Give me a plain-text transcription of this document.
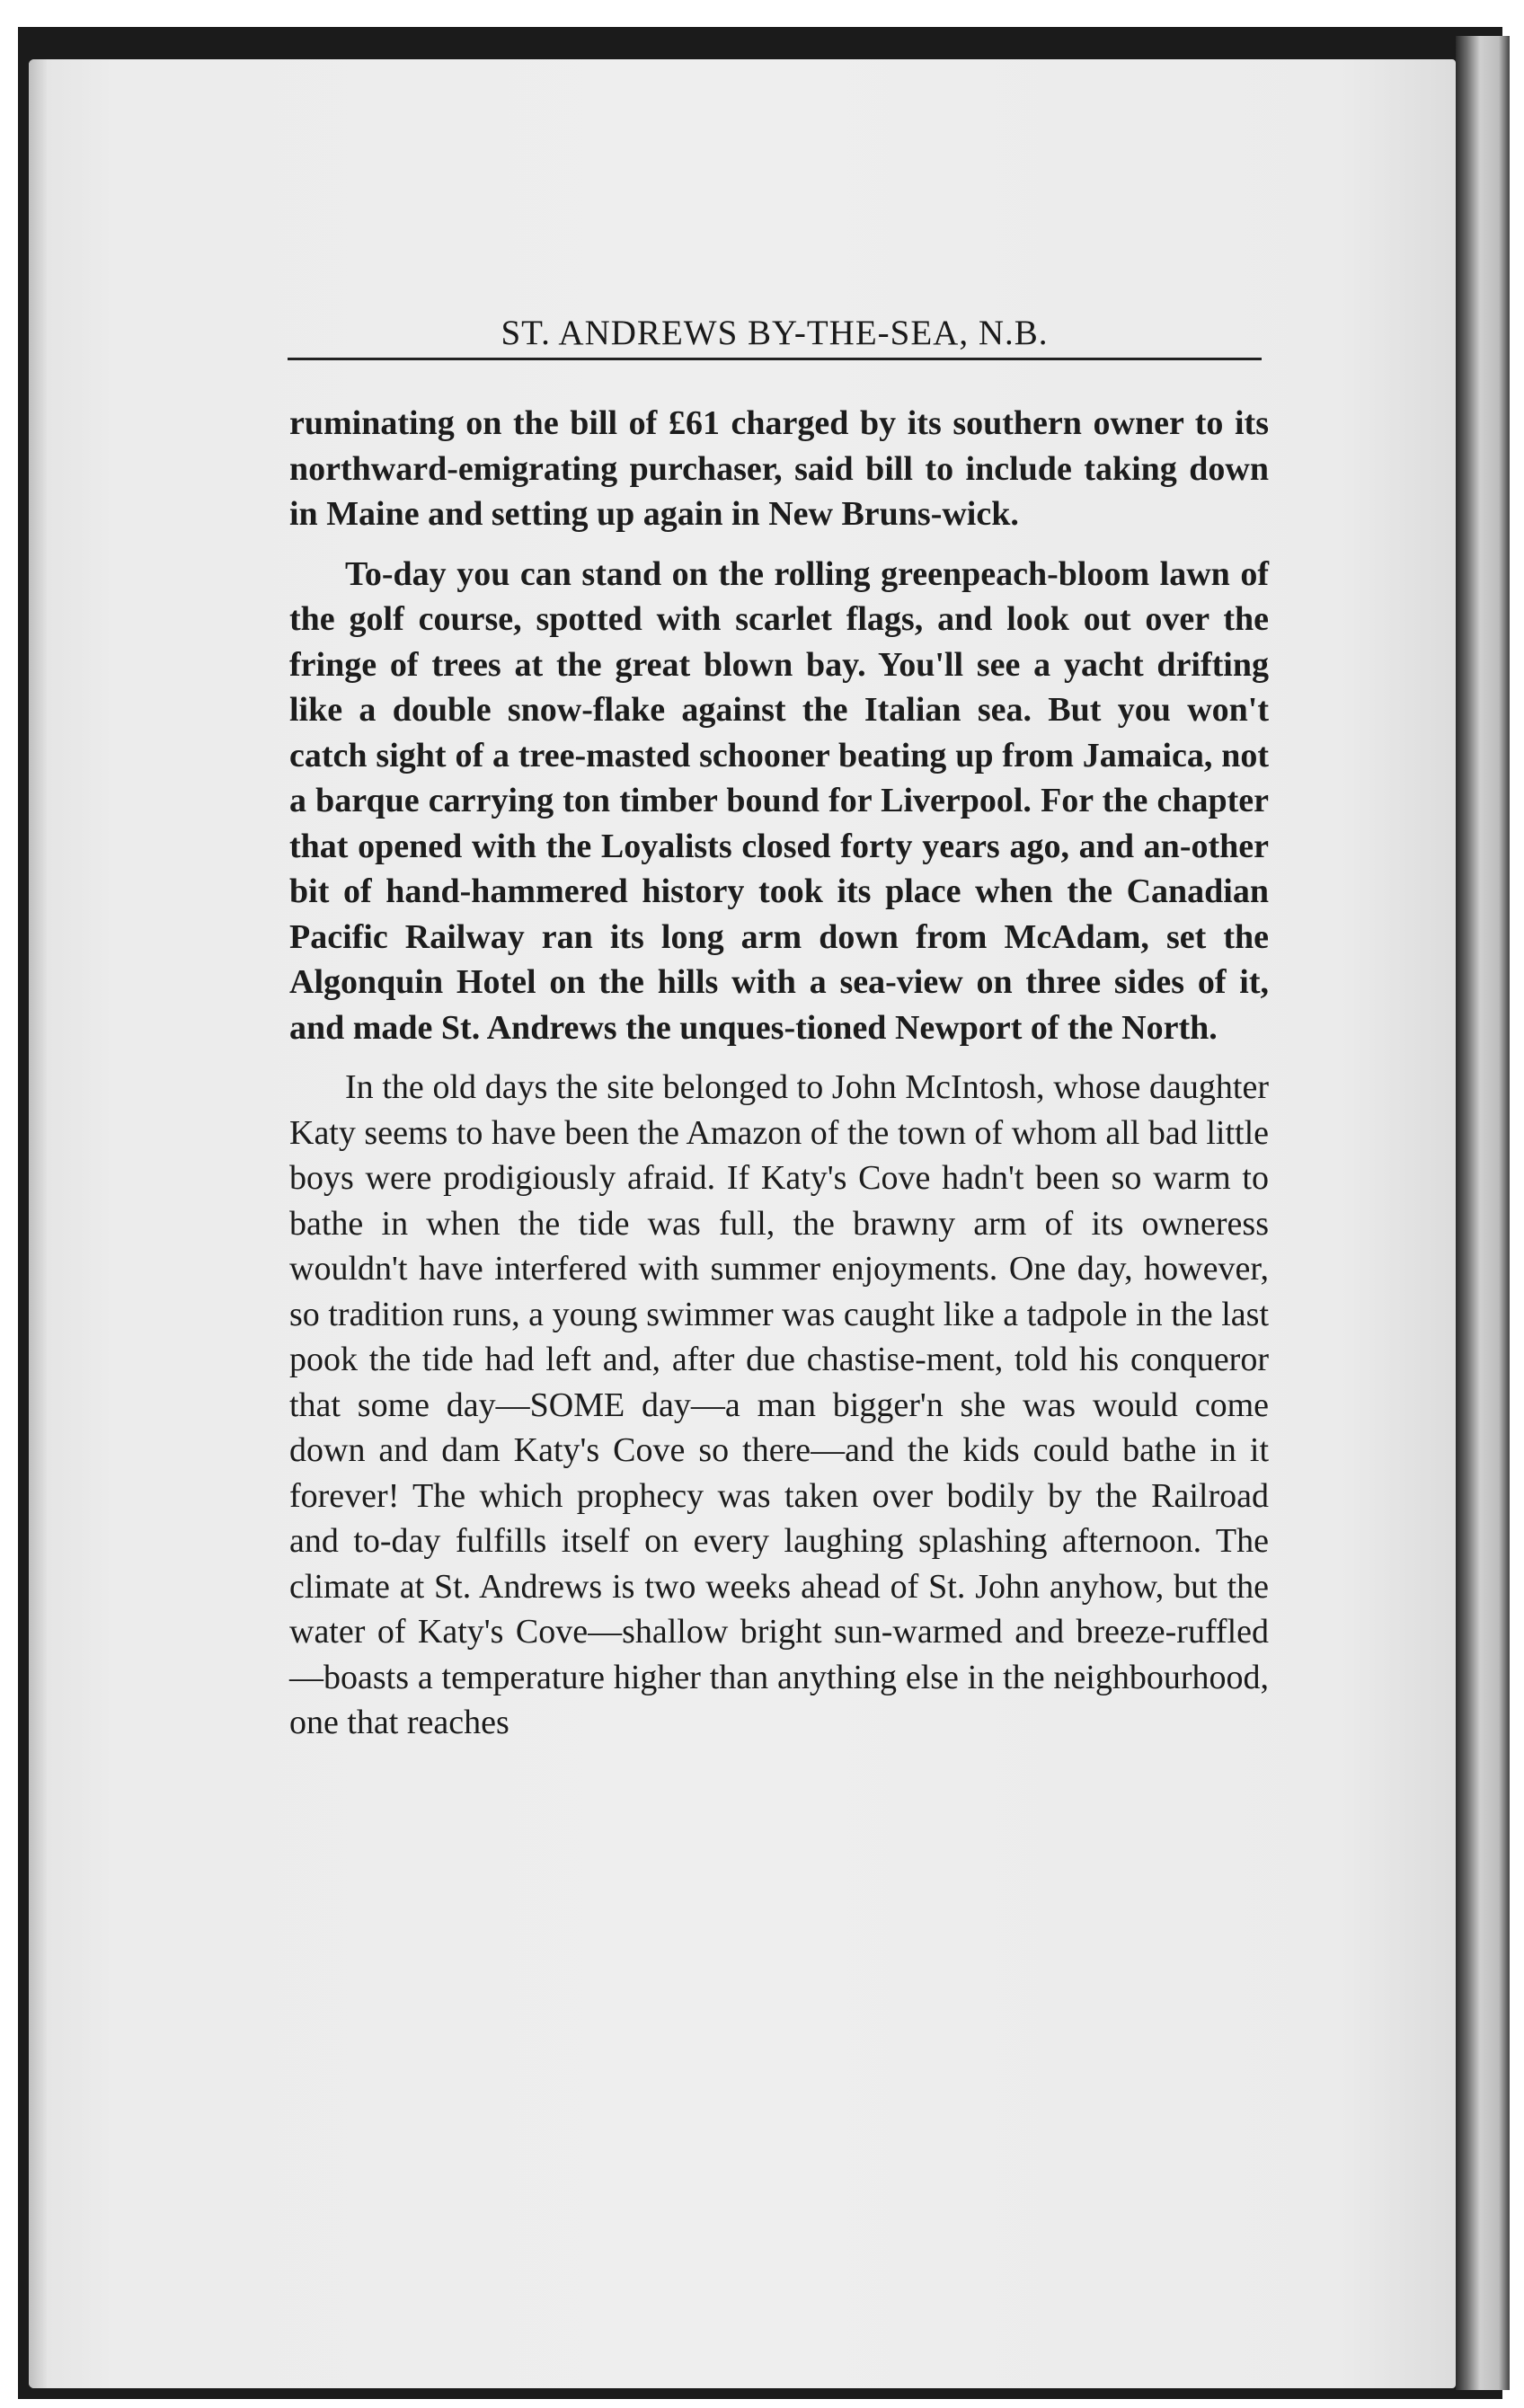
ST. ANDREWS BY-THE-SEA, N.B.

ruminating on the bill of £61 charged by its southern owner to its northward-emigrating purchaser, said bill to include taking down in Maine and setting up again in New Bruns-wick.

To-day you can stand on the rolling greenpeach-bloom lawn of the golf course, spotted with scarlet flags, and look out over the fringe of trees at the great blown bay. You'll see a yacht drifting like a double snow-flake against the Italian sea. But you won't catch sight of a tree-masted schooner beating up from Jamaica, not a barque carrying ton timber bound for Liverpool. For the chapter that opened with the Loyalists closed forty years ago, and an-other bit of hand-hammered history took its place when the Canadian Pacific Railway ran its long arm down from McAdam, set the Algonquin Hotel on the hills with a sea-view on three sides of it, and made St. Andrews the unques-tioned Newport of the North.

In the old days the site belonged to John McIntosh, whose daughter Katy seems to have been the Amazon of the town of whom all bad little boys were prodigiously afraid. If Katy's Cove hadn't been so warm to bathe in when the tide was full, the brawny arm of its owneress wouldn't have interfered with summer enjoyments. One day, however, so tradition runs, a young swimmer was caught like a tadpole in the last pook the tide had left and, after due chastise-ment, told his conqueror that some day—SOME day—a man bigger'n she was would come down and dam Katy's Cove so there—and the kids could bathe in it forever! The which prophecy was taken over bodily by the Railroad and to-day fulfills itself on every laughing splashing afternoon. The climate at St. Andrews is two weeks ahead of St. John anyhow, but the water of Katy's Cove—shallow bright sun-warmed and breeze-ruffled—boasts a temperature higher than anything else in the neighbourhood, one that reaches
